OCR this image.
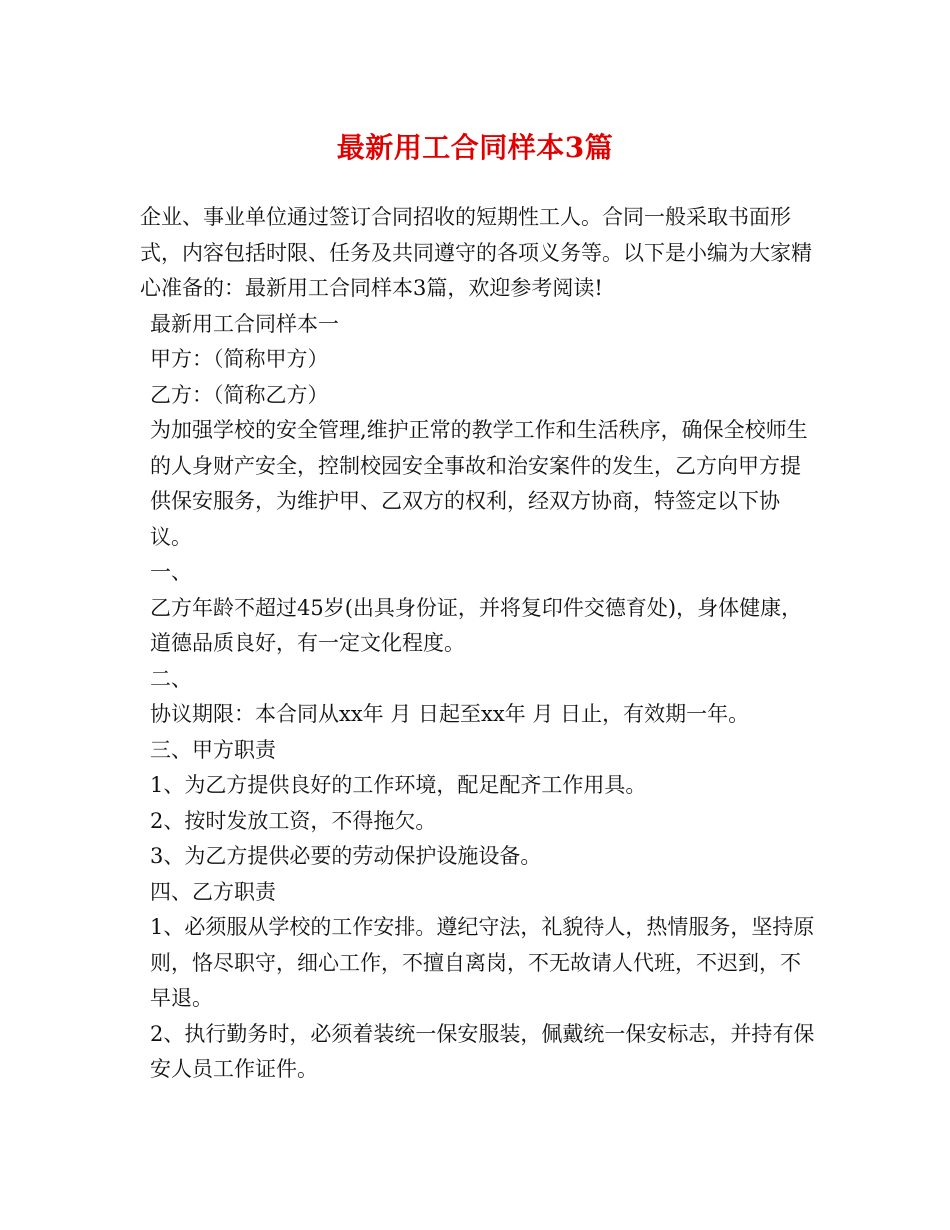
最新用工合同样本3篇

企业、事业单位通过签订合同招收的短期性工人。合同一般采取书面形式，内容包括时限、任务及共同遵守的各项义务等。以下是小编为大家精心准备的：最新用工合同样本3篇，欢迎参考阅读!

最新用工合同样本一

甲方：（简称甲方）

乙方：（简称乙方）

为加强学校的安全管理,维护正常的教学工作和生活秩序，确保全校师生的人身财产安全，控制校园安全事故和治安案件的发生，乙方向甲方提供保安服务，为维护甲、乙双方的权利，经双方协商，特签定以下协议。

一、

乙方年龄不超过45岁(出具身份证，并将复印件交德育处)，身体健康，道德品质良好，有一定文化程度。

二、

协议期限：本合同从xx年 月 日起至xx年 月 日止，有效期一年。

三、甲方职责

1、为乙方提供良好的工作环境，配足配齐工作用具。

2、按时发放工资，不得拖欠。

3、为乙方提供必要的劳动保护设施设备。

四、乙方职责

1、必须服从学校的工作安排。遵纪守法，礼貌待人，热情服务，坚持原则，恪尽职守，细心工作，不擅自离岗，不无故请人代班，不迟到，不早退。

2、执行勤务时，必须着装统一保安服装，佩戴统一保安标志，并持有保安人员工作证件。
